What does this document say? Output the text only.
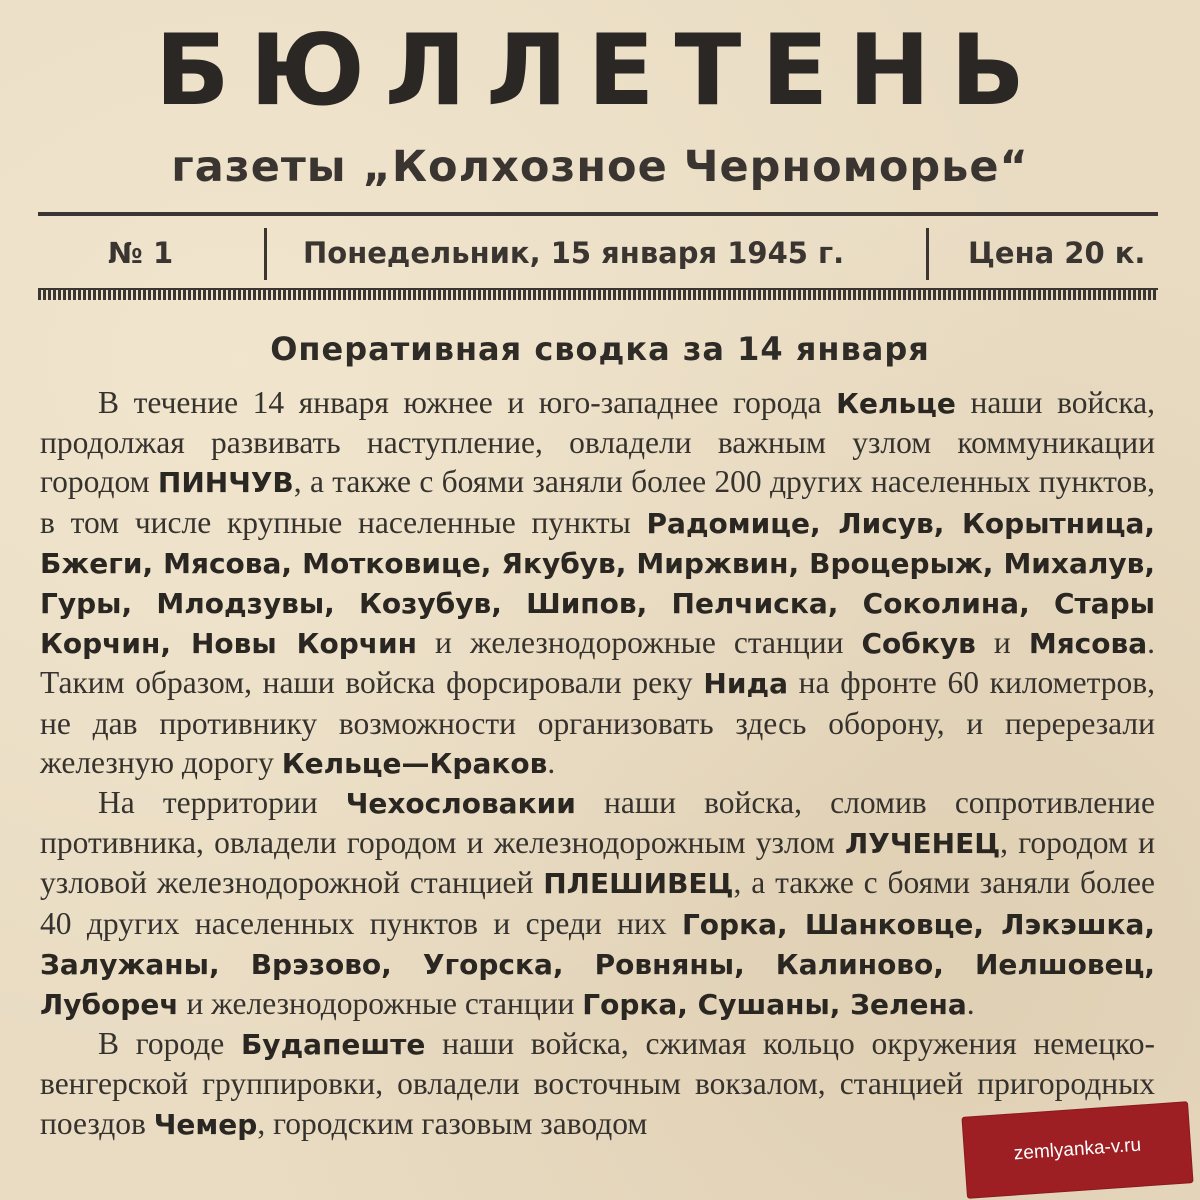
БЮЛЛЕТЕНЬ
газеты „Колхозное Черноморье“
№ 1	Понедельник, 15 января 1945 г.	Цена 20 к.
Оперативная сводка за 14 января

В течение 14 января южнее и юго-западнее города Кельце наши войска, продолжая развивать наступление, овладели важным узлом коммуникации городом ПИНЧУВ, а также с боями заняли более 200 других населенных пунктов, в том числе крупные населенные пункты Радомице, Лисув, Корытница, Бжеги, Мясова, Мотковице, Якубув, Миржвин, Вроцерыж, Михалув, Гуры, Млодзувы, Козубув, Шипов, Пелчиска, Соколина, Стары Корчин, Новы Корчин и железнодорожные станции Собкув и Мясова. Таким образом, наши войска форсировали реку Нида на фронте 60 километров, не дав противнику возможности организовать здесь оборону, и перерезали железную дорогу Кельце—Краков.

На территории Чехословакии наши войска, сломив сопротивление противника, овладели городом и железнодорожным узлом ЛУЧЕНЕЦ, городом и узловой железнодорожной станцией ПЛЕШИВЕЦ, а также с боями заняли более 40 других населенных пунктов и среди них Горка, Шанковце, Лэкэшка, Залужаны, Врэзово, Угорска, Ровняны, Калиново, Иелшовец, Лубореч и железнодорожные станции Горка, Сушаны, Зелена.

В городе Будапеште наши войска, сжимая кольцо окружения немецко-венгерской группировки, овладели восточным вокзалом, станцией пригородных поездов Чемер, городским газовым заводом

zemlyanka-v.ru
